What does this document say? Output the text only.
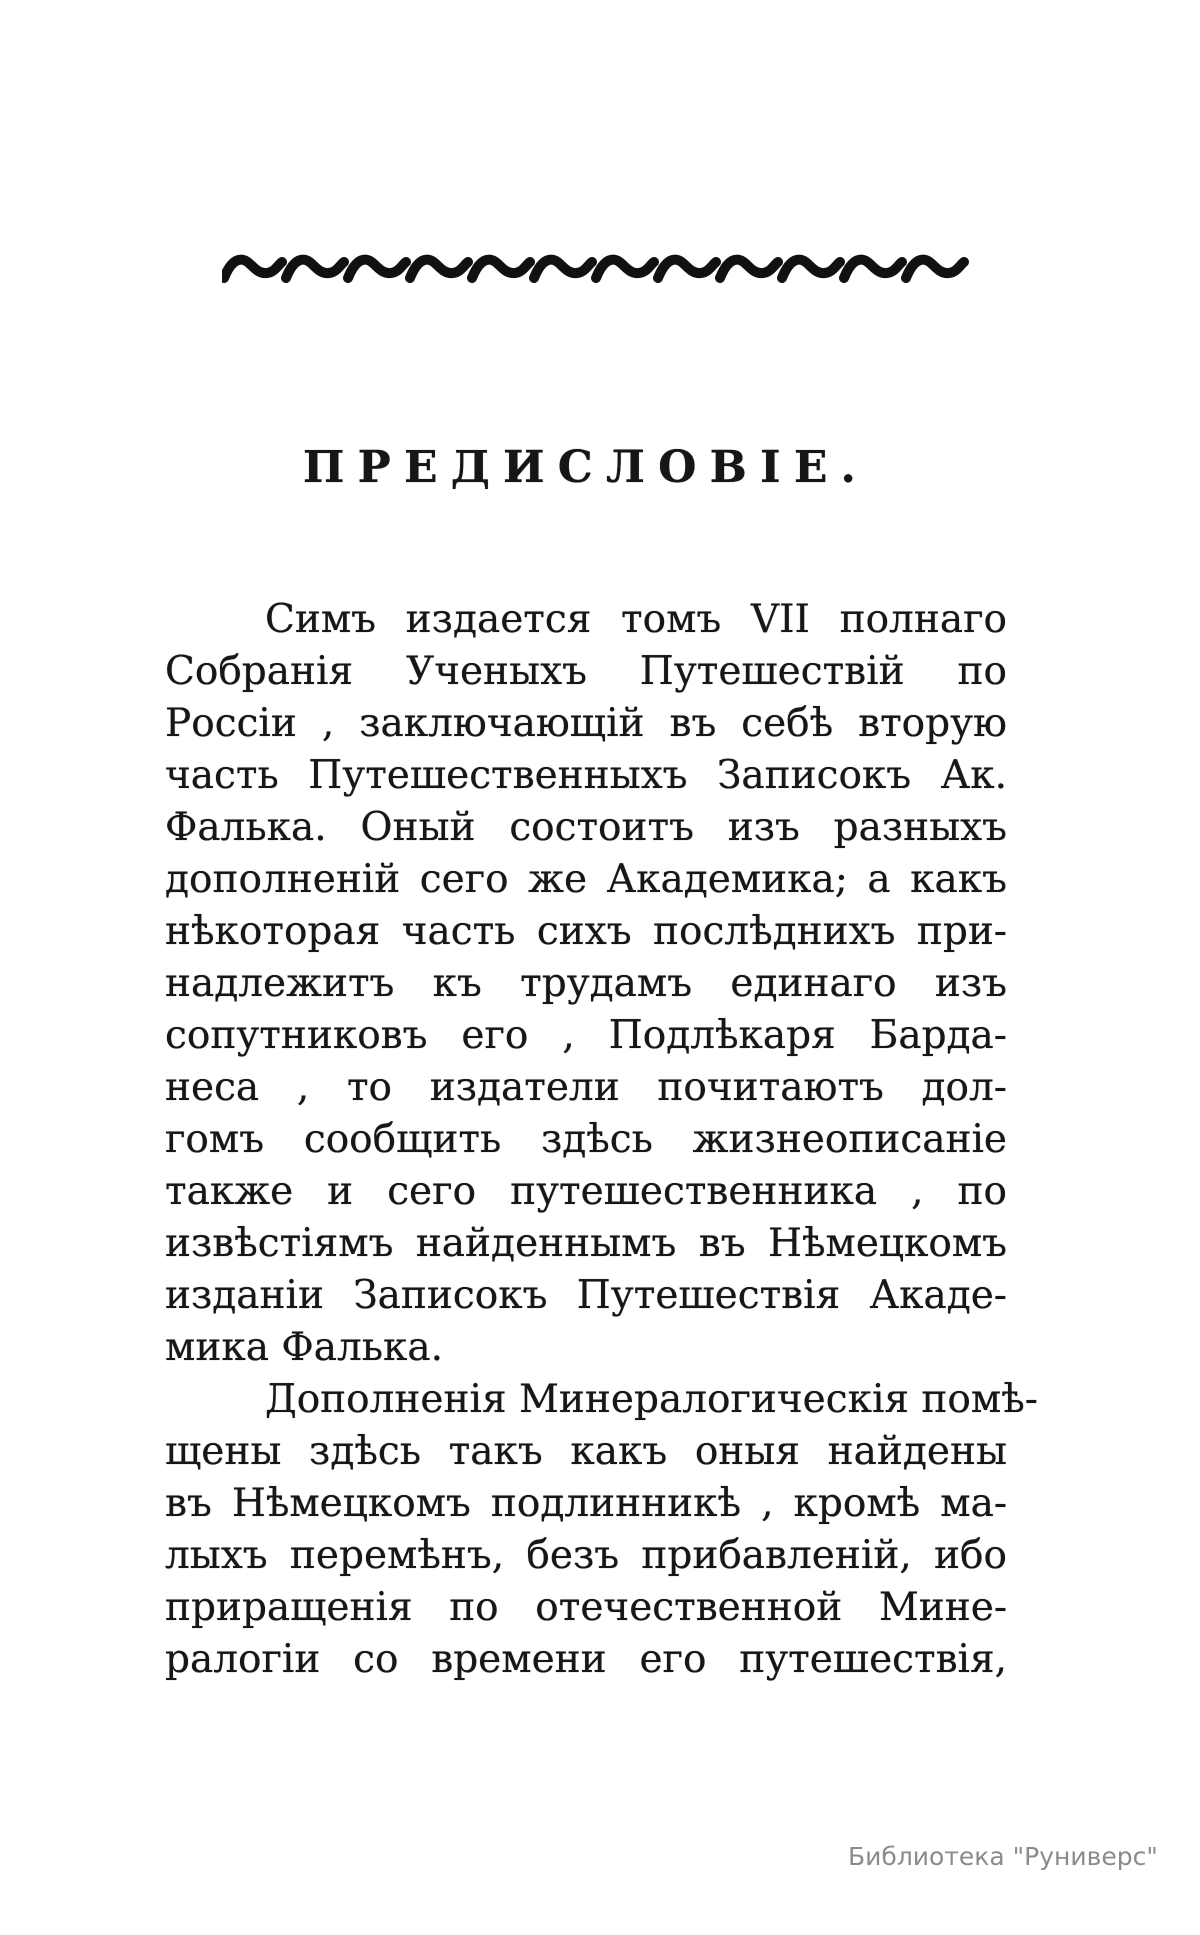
ПРЕДИСЛОВІЕ.
Симъ издается томъ VII полнаго
Собранія Ученыхъ Путешествій по
Россіи , заключающій въ себѣ вторую
часть Путешественныхъ Записокъ Ак.
Фалька. Оный состоитъ изъ разныхъ
дополненій сего же Академика; а какъ
нѣкоторая часть сихъ послѣднихъ при-
надлежитъ къ трудамъ единаго изъ
сопутниковъ его , Подлѣкаря Барда-
неса , то издатели почитаютъ дол-
гомъ сообщить здѣсь жизнеописаніе
также и сего путешественника , по
извѣстіямъ найденнымъ въ Нѣмецкомъ
изданіи Записокъ Путешествія Акаде-
мика Фалька.
Дополненія Минералогическія помѣ-
щены здѣсь такъ какъ оныя найдены
въ Нѣмецкомъ подлинникѣ , кромѣ ма-
лыхъ перемѣнъ, безъ прибавленій, ибо
приращенія по отечественной Мине-
ралогіи со времени его путешествія,
Библиотека "Руниверс"
